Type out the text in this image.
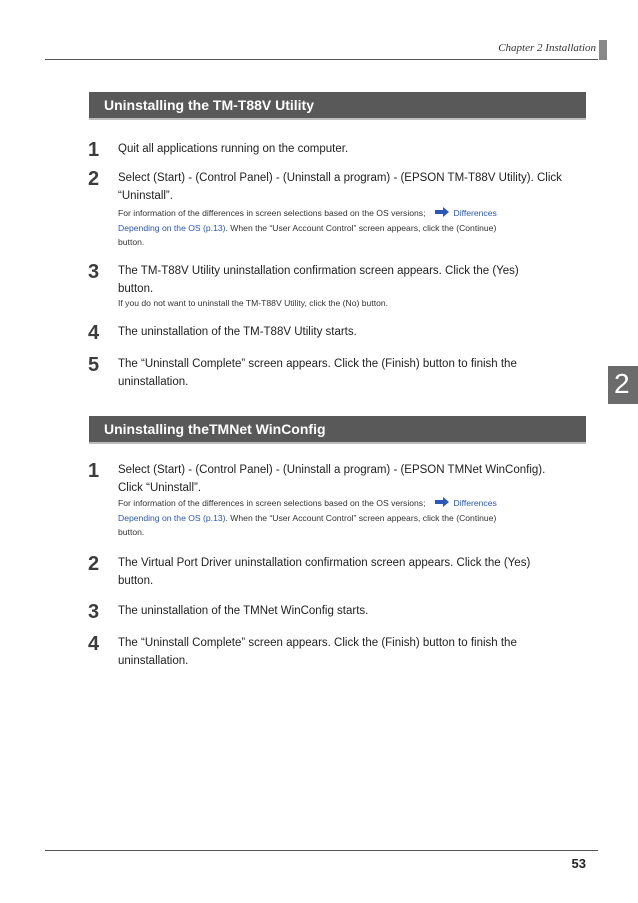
Chapter 2 Installation
Uninstalling the TM-T88V Utility
1 Quit all applications running on the computer.
2 Select (Start) - (Control Panel) - (Uninstall a program) - (EPSON TM-T88V Utility). Click
“Uninstall”.
For information of the differences in screen selections based on the OS versions;	Differences
Depending on the OS (p.13). When the “User Account Control” screen appears, click the (Continue)
button.
3 The TM-T88V Utility uninstallation confirmation screen appears. Click the (Yes)
button.
If you do not want to uninstall the TM-T88V Utility, click the (No) button.
4 The uninstallation of the TM-T88V Utility starts.
5 The “Uninstall Complete” screen appears. Click the (Finish) button to finish the
uninstallation.	2
Uninstalling theTMNet WinConfig
1 Select (Start) - (Control Panel) - (Uninstall a program) - (EPSON TMNet WinConfig).
Click “Uninstall”.
For information of the differences in screen selections based on the OS versions;	Differences
Depending on the OS (p.13). When the “User Account Control” screen appears, click the (Continue)
button.
2 The Virtual Port Driver uninstallation confirmation screen appears. Click the (Yes)
button.
3 The uninstallation of the TMNet WinConfig starts.
4 The “Uninstall Complete” screen appears. Click the (Finish) button to finish the
uninstallation.
53
